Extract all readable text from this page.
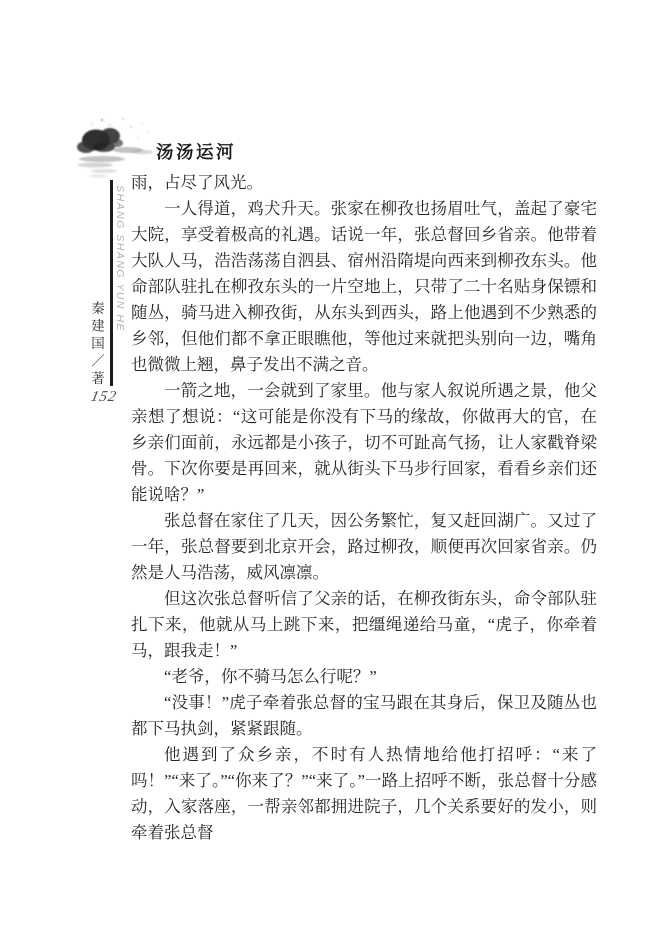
汤汤运河
SHANG SHANG YUN HE
秦建国／著
152

雨，占尽了风光。

一人得道，鸡犬升天。张家在柳孜也扬眉吐气，盖起了豪宅大院，享受着极高的礼遇。话说一年，张总督回乡省亲。他带着大队人马，浩浩荡荡自泗县、宿州沿隋堤向西来到柳孜东头。他命部队驻扎在柳孜东头的一片空地上，只带了二十名贴身保镖和随丛，骑马进入柳孜街，从东头到西头，路上他遇到不少熟悉的乡邻，但他们都不拿正眼瞧他，等他过来就把头别向一边，嘴角也微微上翘，鼻子发出不满之音。

一箭之地，一会就到了家里。他与家人叙说所遇之景，他父亲想了想说：“这可能是你没有下马的缘故，你做再大的官，在乡亲们面前，永远都是小孩子，切不可趾高气扬，让人家戳脊梁骨。下次你要是再回来，就从街头下马步行回家，看看乡亲们还能说啥？”

张总督在家住了几天，因公务繁忙，复又赶回湖广。又过了一年，张总督要到北京开会，路过柳孜，顺便再次回家省亲。仍然是人马浩荡，威风凛凛。

但这次张总督听信了父亲的话，在柳孜街东头，命令部队驻扎下来，他就从马上跳下来，把缰绳递给马童，“虎子，你牵着马，跟我走！”

“老爷，你不骑马怎么行呢？”

“没事！”虎子牵着张总督的宝马跟在其身后，保卫及随丛也都下马执剑，紧紧跟随。

他遇到了众乡亲，不时有人热情地给他打招呼：“来了吗！”“来了。”“你来了？”“来了。”一路上招呼不断，张总督十分感动，入家落座，一帮亲邻都拥进院子，几个关系要好的发小，则牵着张总督
